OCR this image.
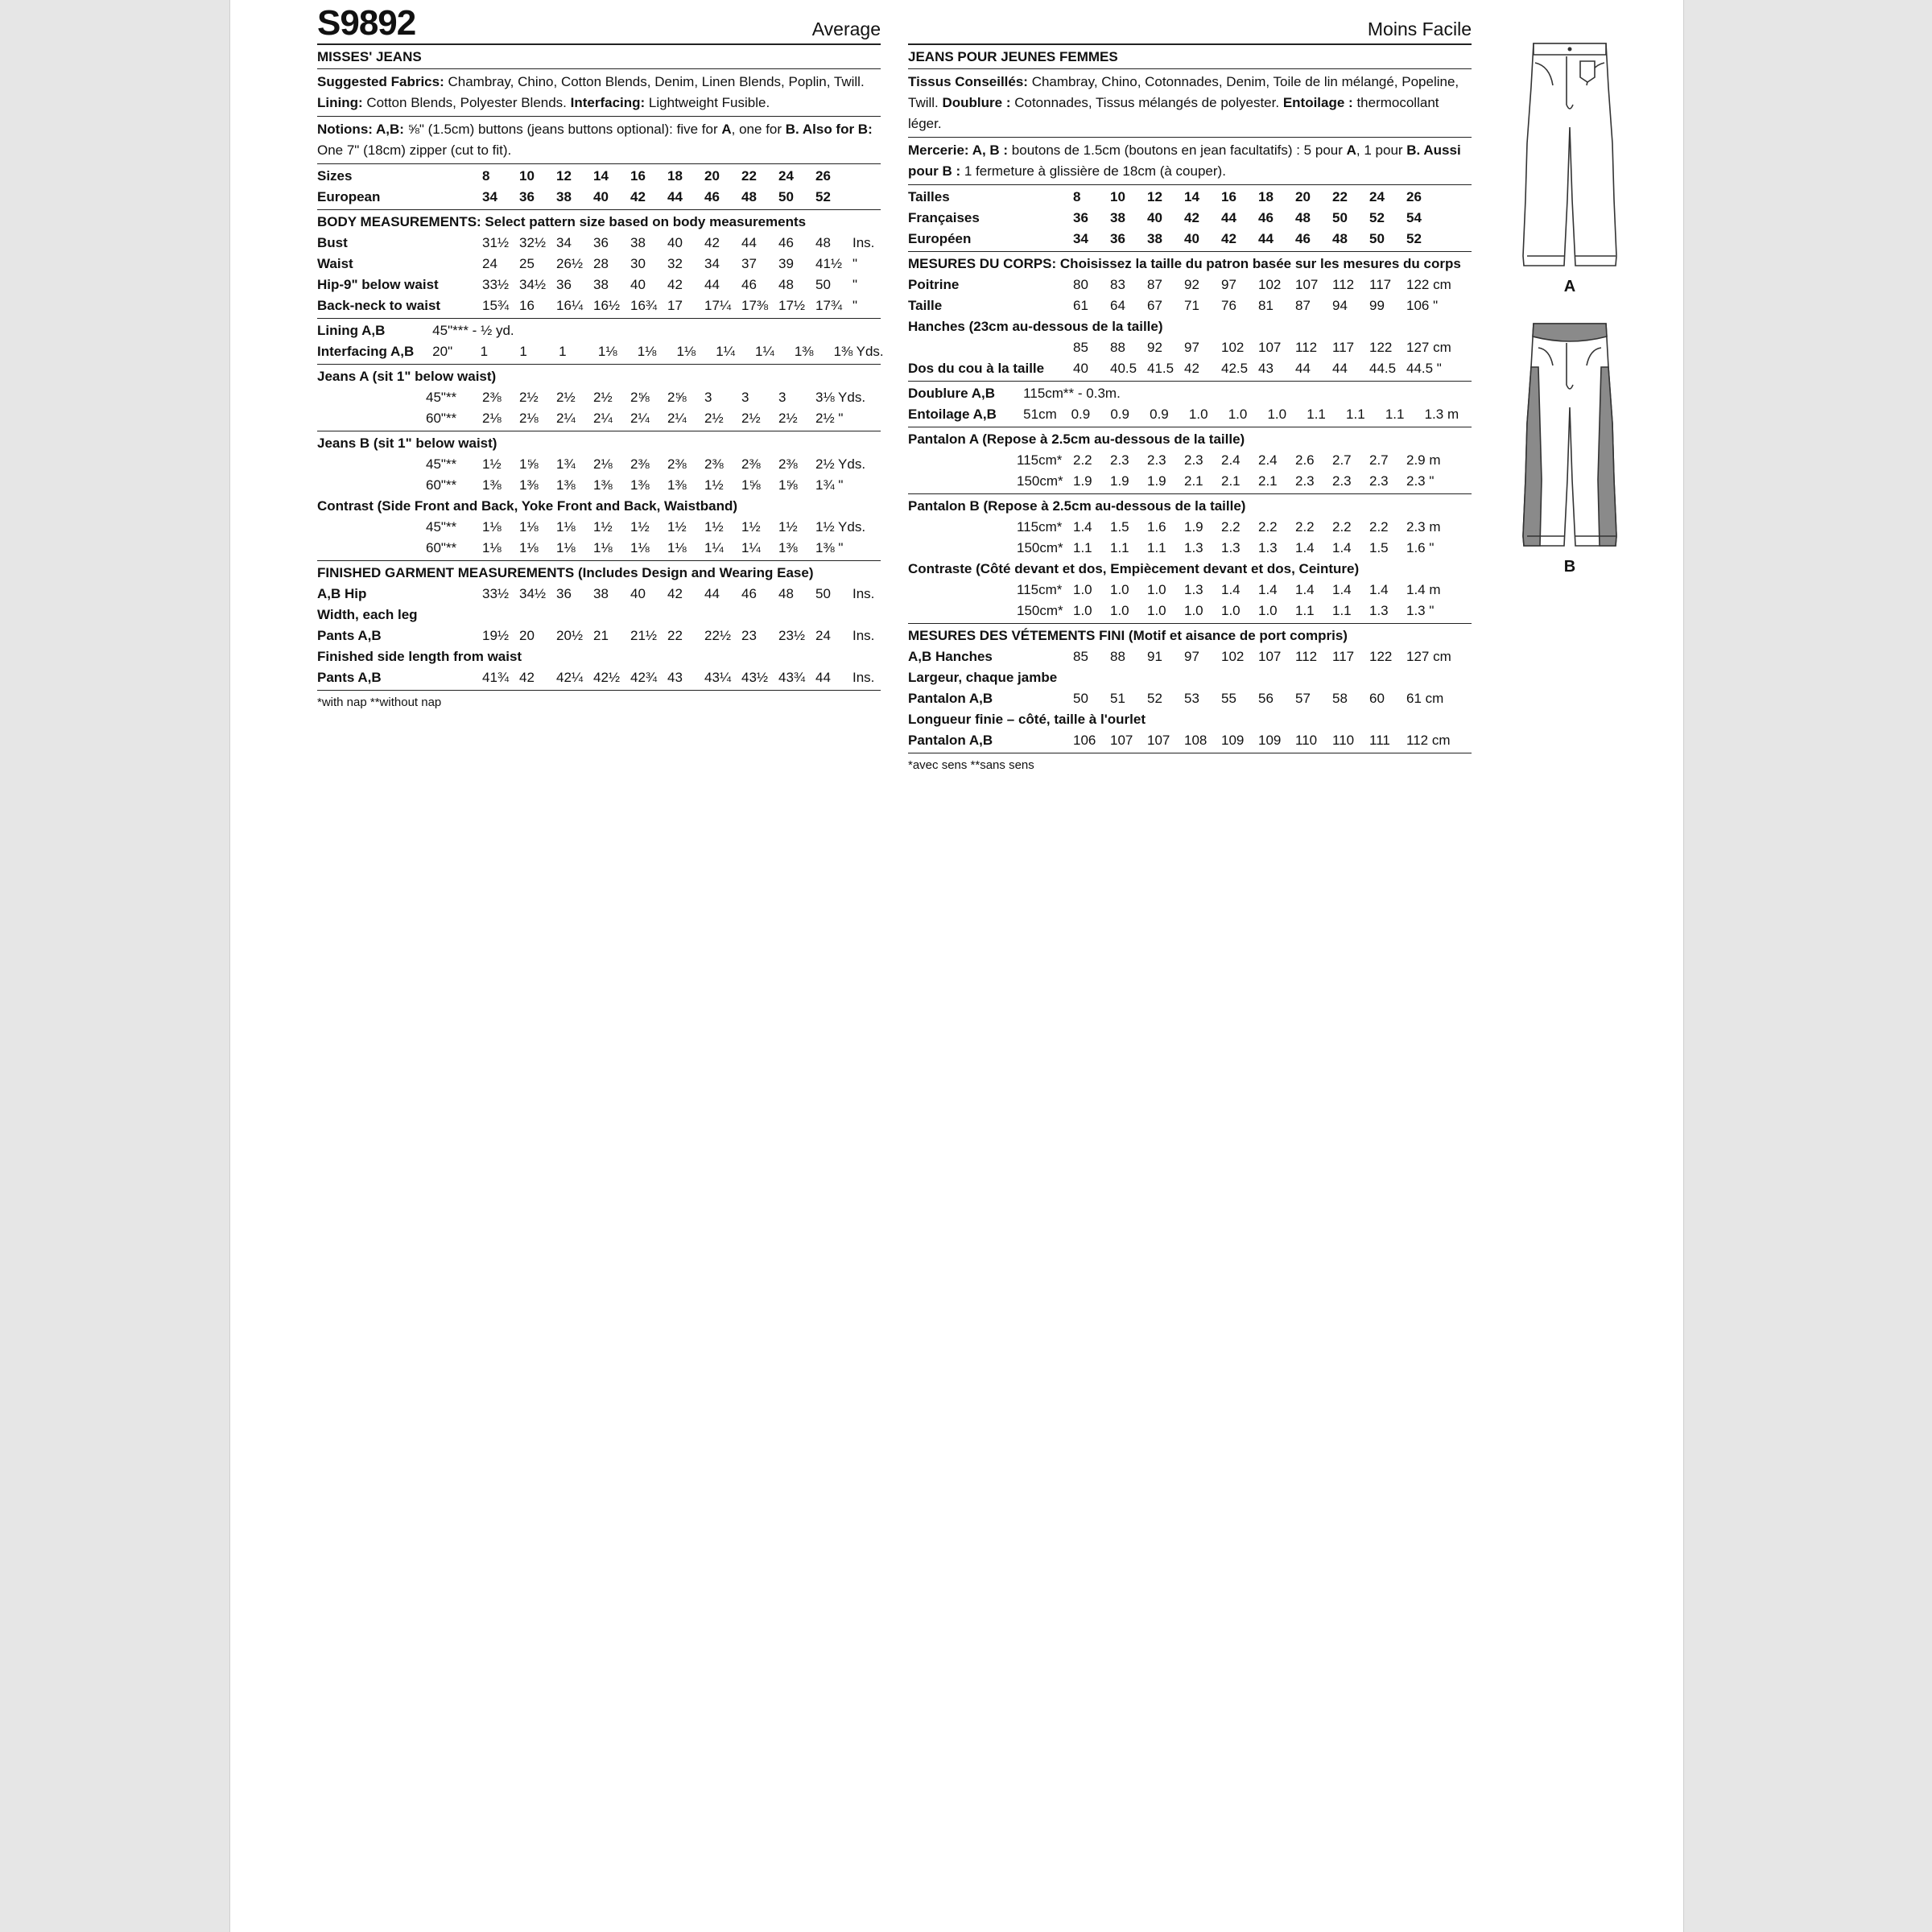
S9892	Average
MISSES' JEANS
Suggested Fabrics: Chambray, Chino, Cotton Blends, Denim, Linen Blends, Poplin, Twill.
Lining: Cotton Blends, Polyester Blends. Interfacing: Lightweight Fusible.
Notions: A,B: ⅝" (1.5cm) buttons (jeans buttons optional): five for A, one for B. Also for B: One 7" (18cm) zipper (cut to fit).
Sizes	8	10	12	14	16	18	20	22	24	26	
European	34	36	38	40	42	44	46	48	50	52	
BODY MEASUREMENTS: Select pattern size based on body measurements
Bust	31½	32½	34	36	38	40	42	44	46	48	Ins.
Waist	24	25	26½	28	30	32	34	37	39	41½	"
Hip-9" below waist	33½	34½	36	38	40	42	44	46	48	50	"
Back-neck to waist	15¾	16	16¼	16½	16¾	17	17¼	17⅜	17½	17¾	"
Lining A,B	45"*** - ½ yd.										
Interfacing A,B	20"	1	1	1	1⅛	1⅛	1⅛	1¼	1¼	1⅜	1⅜ Yds.
Jeans A (sit 1" below waist)
45"**	2⅜	2½	2½	2½	2⅝	2⅝	3	3	3	3⅛ Yds.
60"**	2⅛	2⅛	2¼	2¼	2¼	2¼	2½	2½	2½	2½ "
Jeans B (sit 1" below waist)
45"**	1½	1⅝	1¾	2⅛	2⅜	2⅜	2⅜	2⅜	2⅜	2½ Yds.
60"**	1⅜	1⅜	1⅜	1⅜	1⅜	1⅜	1½	1⅝	1⅝	1¾ "
Contrast (Side Front and Back, Yoke Front and Back, Waistband)
45"**	1⅛	1⅛	1⅛	1½	1½	1½	1½	1½	1½	1½ Yds.
60"**	1⅛	1⅛	1⅛	1⅛	1⅛	1⅛	1¼	1¼	1⅜	1⅜ "
FINISHED GARMENT MEASUREMENTS (Includes Design and Wearing Ease)
A,B Hip	33½	34½	36	38	40	42	44	46	48	50	Ins.
Width, each leg											
Pants A,B	19½	20	20½	21	21½	22	22½	23	23½	24	Ins.
Finished side length from waist											
Pants A,B	41¾	42	42¼	42½	42¾	43	43¼	43½	43¾	44	Ins.
*with nap **without nap
Moins Facile
JEANS POUR JEUNES FEMMES
Tissus Conseillés: Chambray, Chino, Cotonnades, Denim, Toile de lin mélangé, Popeline, Twill. Doublure : Cotonnades, Tissus mélangés de polyester. Entoilage : thermocollant léger.
Mercerie: A, B : boutons de 1.5cm (boutons en jean facultatifs) : 5 pour A, 1 pour B. Aussi pour B : 1 fermeture à glissière de 18cm (à couper).
Tailles	8	10	12	14	16	18	20	22	24	26	
Françaises	36	38	40	42	44	46	48	50	52	54	
Européen	34	36	38	40	42	44	46	48	50	52	
MESURES DU CORPS: Choisissez la taille du patron basée sur les mesures du corps
Poitrine	80	83	87	92	97	102	107	112	117	122 cm	
Taille	61	64	67	71	76	81	87	94	99	106 "	
Hanches (23cm au-dessous de la taille)											
	85	88	92	97	102	107	112	117	122	127 cm	
Dos du cou à la taille	40	40.5	41.5	42	42.5	43	44	44	44.5	44.5 "	
Doublure A,B	115cm** - 0.3m.										
Entoilage A,B	51cm	0.9	0.9	0.9	1.0	1.0	1.0	1.1	1.1	1.1	1.3 m
Pantalon A (Repose à 2.5cm au-dessous de la taille)
115cm*	2.2	2.3	2.3	2.3	2.4	2.4	2.6	2.7	2.7	2.9 m
150cm*	1.9	1.9	1.9	2.1	2.1	2.1	2.3	2.3	2.3	2.3 "
Pantalon B (Repose à 2.5cm au-dessous de la taille)
115cm*	1.4	1.5	1.6	1.9	2.2	2.2	2.2	2.2	2.2	2.3 m
150cm*	1.1	1.1	1.1	1.3	1.3	1.3	1.4	1.4	1.5	1.6 "
Contraste (Côté devant et dos, Empiècement devant et dos, Ceinture)
115cm*	1.0	1.0	1.0	1.3	1.4	1.4	1.4	1.4	1.4	1.4 m
150cm*	1.0	1.0	1.0	1.0	1.0	1.0	1.1	1.1	1.3	1.3 "
MESURES DES VÉTEMENTS FINI (Motif et aisance de port compris)
A,B Hanches	85	88	91	97	102	107	112	117	122	127 cm	
Largeur, chaque jambe											
Pantalon A,B	50	51	52	53	55	56	57	58	60	61 cm	
Longueur finie – côté, taille à l'ourlet											
Pantalon A,B	106	107	107	108	109	109	110	110	111	112 cm	
*avec sens **sans sens
A
B
